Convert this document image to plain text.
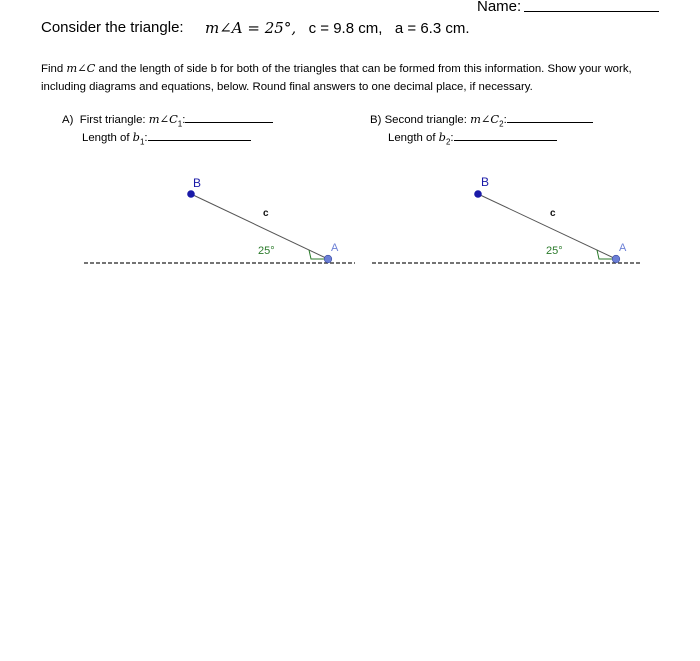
Name:
Consider the triangle: m∠A = 25°, c = 9.8 cm, a = 6.3 cm.
Find m∠C and the length of side b for both of the triangles that can be formed from this information. Show your work,
including diagrams and equations, below. Round final answers to one decimal place, if necessary.
A) First triangle: $m\angle C_1$:
Length of $b_1$:
B) Second triangle: $m\angle C_2$:
Length of $b_2$:
B
c
25°	A
B
c
25°	A
